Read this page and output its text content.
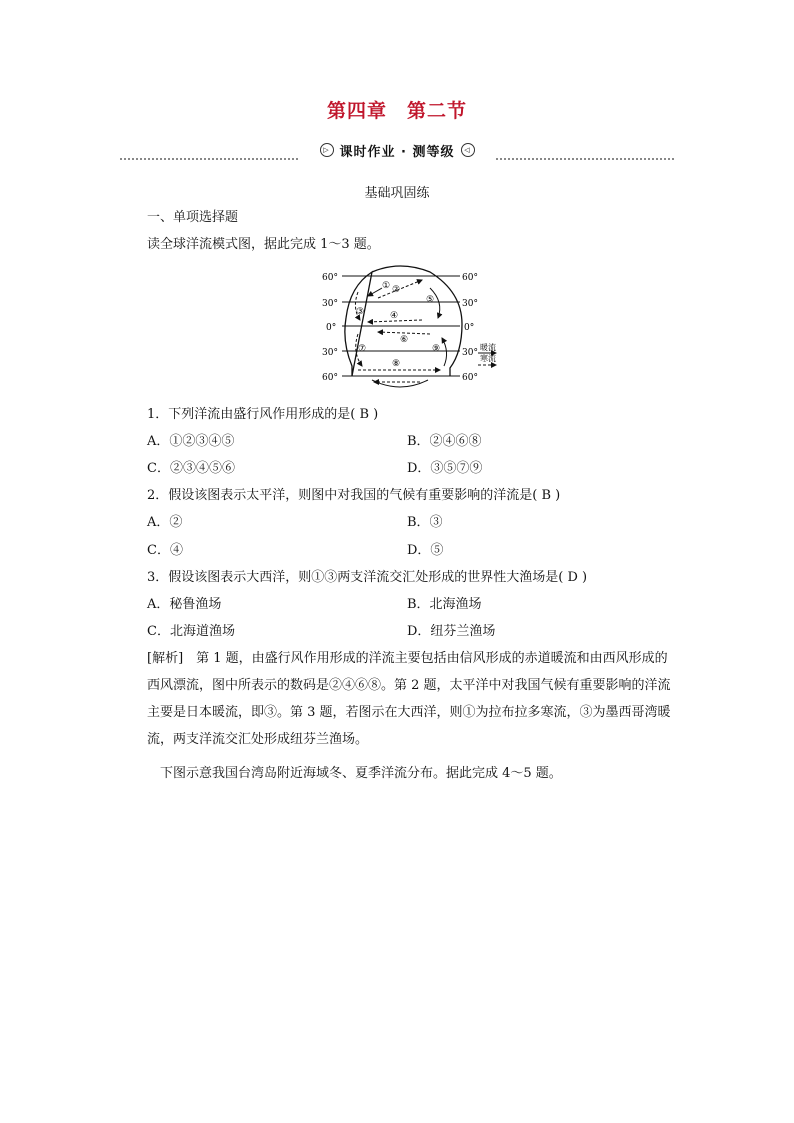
第四章　第二节
▷ 课时作业 · 测等级	◁
基础巩固练
一、单项选择题
读全球洋流模式图，据此完成 1～3 题。
60°
30°
0°
30°
60°
60°
30°
0°
30°
60°
① ②
③	④
⑤
⑥
⑦
⑧
⑨	暖流
寒流
1．下列洋流由盛行风作用形成的是( B )
A．①②③④⑤	B．②④⑥⑧
C．②③④⑤⑥	D．③⑤⑦⑨
2．假设该图表示太平洋，则图中对我国的气候有重要影响的洋流是( B )
A．②	B．③
C．④	D．⑤
3．假设该图表示大西洋，则①③两支洋流交汇处形成的世界性大渔场是( D )
A．秘鲁渔场	B．北海渔场
C．北海道渔场	D．纽芬兰渔场
[解析]　第 1 题，由盛行风作用形成的洋流主要包括由信风形成的赤道暖流和由西风形成的西风漂流，图中所表示的数码是②④⑥⑧。第 2 题，太平洋中对我国气候有重要影响的洋流主要是日本暖流，即③。第 3 题，若图示在大西洋，则①为拉布拉多寒流，③为墨西哥湾暖流，两支洋流交汇处形成纽芬兰渔场。
下图示意我国台湾岛附近海域冬、夏季洋流分布。据此完成 4～5 题。
